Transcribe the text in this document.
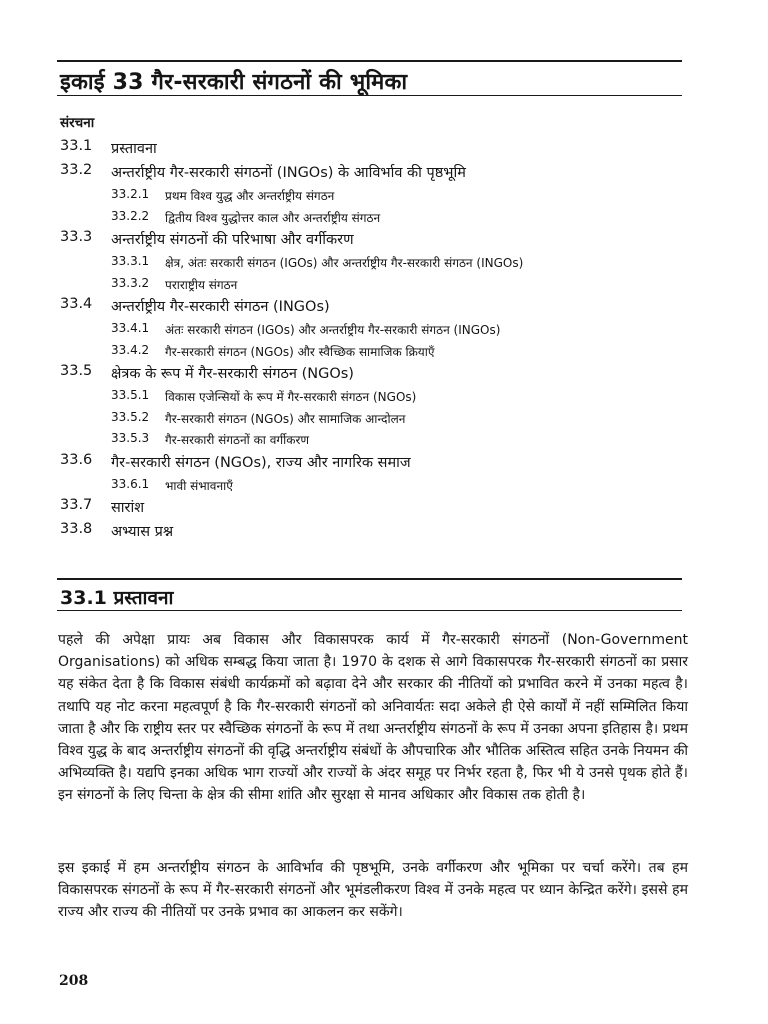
इकाई 33 गैर-सरकारी संगठनों की भूमिका
संरचना
33.1 प्रस्तावना
33.2 अन्तर्राष्ट्रीय गैर-सरकारी संगठनों (INGOs) के आविर्भाव की पृष्ठभूमि
33.2.1 प्रथम विश्व युद्ध और अन्तर्राष्ट्रीय संगठन
33.2.2 द्वितीय विश्व युद्धोत्तर काल और अन्तर्राष्ट्रीय संगठन
33.3 अन्तर्राष्ट्रीय संगठनों की परिभाषा और वर्गीकरण
33.3.1 क्षेत्र, अंतः सरकारी संगठन (IGOs) और अन्तर्राष्ट्रीय गैर-सरकारी संगठन (INGOs)
33.3.2 पराराष्ट्रीय संगठन
33.4 अन्तर्राष्ट्रीय गैर-सरकारी संगठन (INGOs)
33.4.1 अंतः सरकारी संगठन (IGOs) और अन्तर्राष्ट्रीय गैर-सरकारी संगठन (INGOs)
33.4.2 गैर-सरकारी संगठन (NGOs) और स्वैच्छिक सामाजिक क्रियाएँ
33.5 क्षेत्रक के रूप में गैर-सरकारी संगठन (NGOs)
33.5.1 विकास एजेन्सियों के रूप में गैर-सरकारी संगठन (NGOs)
33.5.2 गैर-सरकारी संगठन (NGOs) और सामाजिक आन्दोलन
33.5.3 गैर-सरकारी संगठनों का वर्गीकरण
33.6 गैर-सरकारी संगठन (NGOs), राज्य और नागरिक समाज
33.6.1 भावी संभावनाएँ
33.7 सारांश
33.8 अभ्यास प्रश्न
33.1 प्रस्तावना

पहले की अपेक्षा प्रायः अब विकास और विकासपरक कार्य में गैर-सरकारी संगठनों (Non-Government Organisations) को अधिक सम्बद्ध किया जाता है। 1970 के दशक से आगे विकासपरक गैर-सरकारी संगठनों का प्रसार यह संकेत देता है कि विकास संबंधी कार्यक्रमों को बढ़ावा देने और सरकार की नीतियों को प्रभावित करने में उनका महत्व है। तथापि यह नोट करना महत्वपूर्ण है कि गैर-सरकारी संगठनों को अनिवार्यतः सदा अकेले ही ऐसे कार्यों में नहीं सम्मिलित किया जाता है और कि राष्ट्रीय स्तर पर स्वैच्छिक संगठनों के रूप में तथा अन्तर्राष्ट्रीय संगठनों के रूप में उनका अपना इतिहास है। प्रथम विश्व युद्ध के बाद अन्तर्राष्ट्रीय संगठनों की वृद्धि अन्तर्राष्ट्रीय संबंधों के औपचारिक और भौतिक अस्तित्व सहित उनके नियमन की अभिव्यक्ति है। यद्यपि इनका अधिक भाग राज्यों और राज्यों के अंदर समूह पर निर्भर रहता है, फिर भी ये उनसे पृथक होते हैं। इन संगठनों के लिए चिन्ता के क्षेत्र की सीमा शांति और सुरक्षा से मानव अधिकार और विकास तक होती है।

इस इकाई में हम अन्तर्राष्ट्रीय संगठन के आविर्भाव की पृष्ठभूमि, उनके वर्गीकरण और भूमिका पर चर्चा करेंगे। तब हम विकासपरक संगठनों के रूप में गैर-सरकारी संगठनों और भूमंडलीकरण विश्व में उनके महत्व पर ध्यान केन्द्रित करेंगे। इससे हम राज्य और राज्य की नीतियों पर उनके प्रभाव का आकलन कर सकेंगे।

208
